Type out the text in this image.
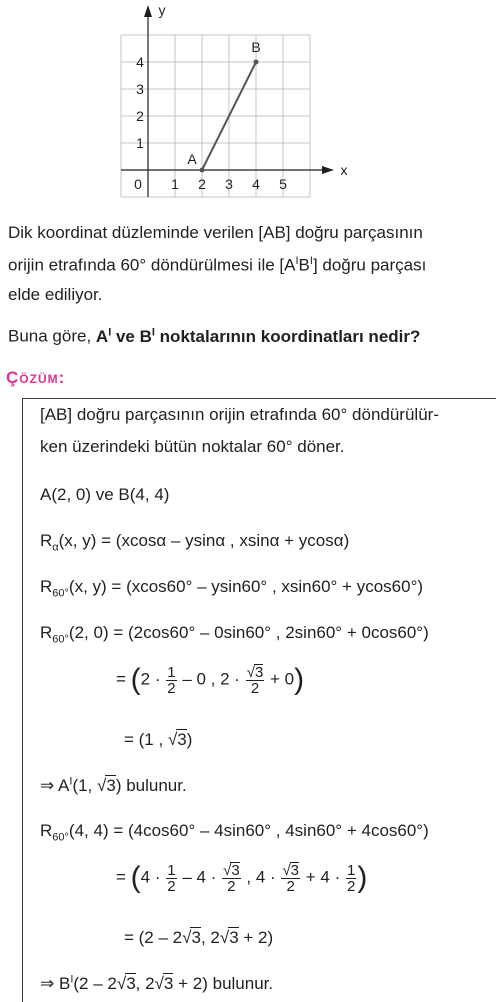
x
y
0 1 2 3 4 5
1
2
3
4
A
B
Dik koordinat düzleminde verilen [AB] doğru parçasının
orijin etrafında 60° döndürülmesi ile $[A^IB^I]$ doğru parçası
elde ediliyor.
Buna göre, $A^I$ ve $B^I$ noktalarının koordinatları nedir?
Çözüm:
[AB] doğru parçasının orijin etrafında 60° döndürülür-
ken üzerindeki bütün noktalar 60° döner.
A(2, 0) ve B(4, 4)
$R_\alpha(x$, y) = (xcosα – ysinα , xsinα + ycosα)
$R_{60^\circ}(x$, y) = (xcos60° – ysin60° , xsin60° + ycos60°)
$R_{60^\circ}(2$, 0) = (2cos60° – 0sin60° , 2sin60° + 0cos60°)
= ($2 \cdot \frac{1}{2} - 0$ , $2 \cdot \frac{√3}{2} + 0$)
= (1 , √3)
⇒ $A^I(1$, √3) bulunur.
$R_{60^\circ}(4$, 4) = (4cos60° – 4sin60° , 4sin60° + 4cos60°)
= ($4 \cdot \frac{1}{2} - 4 \cdot \frac{√3}{2}$ , $4 \cdot \frac{√3}{2} + 4 \cdot \frac{1}{2}$ )
= (2 – 2√3, 2√3 + 2)
⇒ $B^I(2 - 2√3$, 2√3 + 2) bulunur.
